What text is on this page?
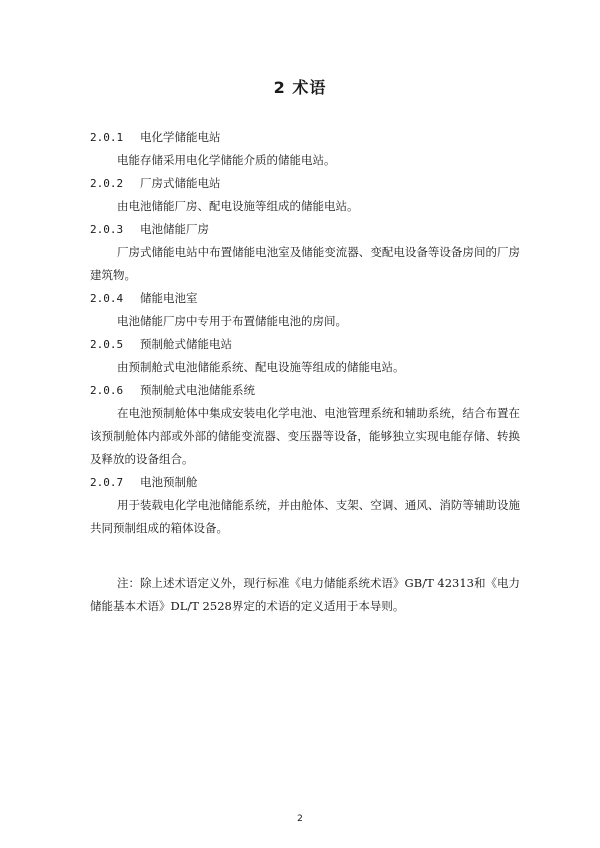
2 术语
2.0.1 电化学储能电站
电能存储采用电化学储能介质的储能电站。
2.0.2 厂房式储能电站
由电池储能厂房、配电设施等组成的储能电站。
2.0.3 电池储能厂房
厂房式储能电站中布置储能电池室及储能变流器、变配电设备等设备房间的厂房建筑物。
2.0.4 储能电池室
电池储能厂房中专用于布置储能电池的房间。
2.0.5 预制舱式储能电站
由预制舱式电池储能系统、配电设施等组成的储能电站。
2.0.6 预制舱式电池储能系统
在电池预制舱体中集成安装电化学电池、电池管理系统和辅助系统，结合布置在该预制舱体内部或外部的储能变流器、变压器等设备，能够独立实现电能存储、转换及释放的设备组合。
2.0.7 电池预制舱
用于装载电化学电池储能系统，并由舱体、支架、空调、通风、消防等辅助设施共同预制组成的箱体设备。
注：除上述术语定义外，现行标准《电力储能系统术语》GB/T 42313和《电力储能基本术语》DL/T 2528界定的术语的定义适用于本导则。
2
